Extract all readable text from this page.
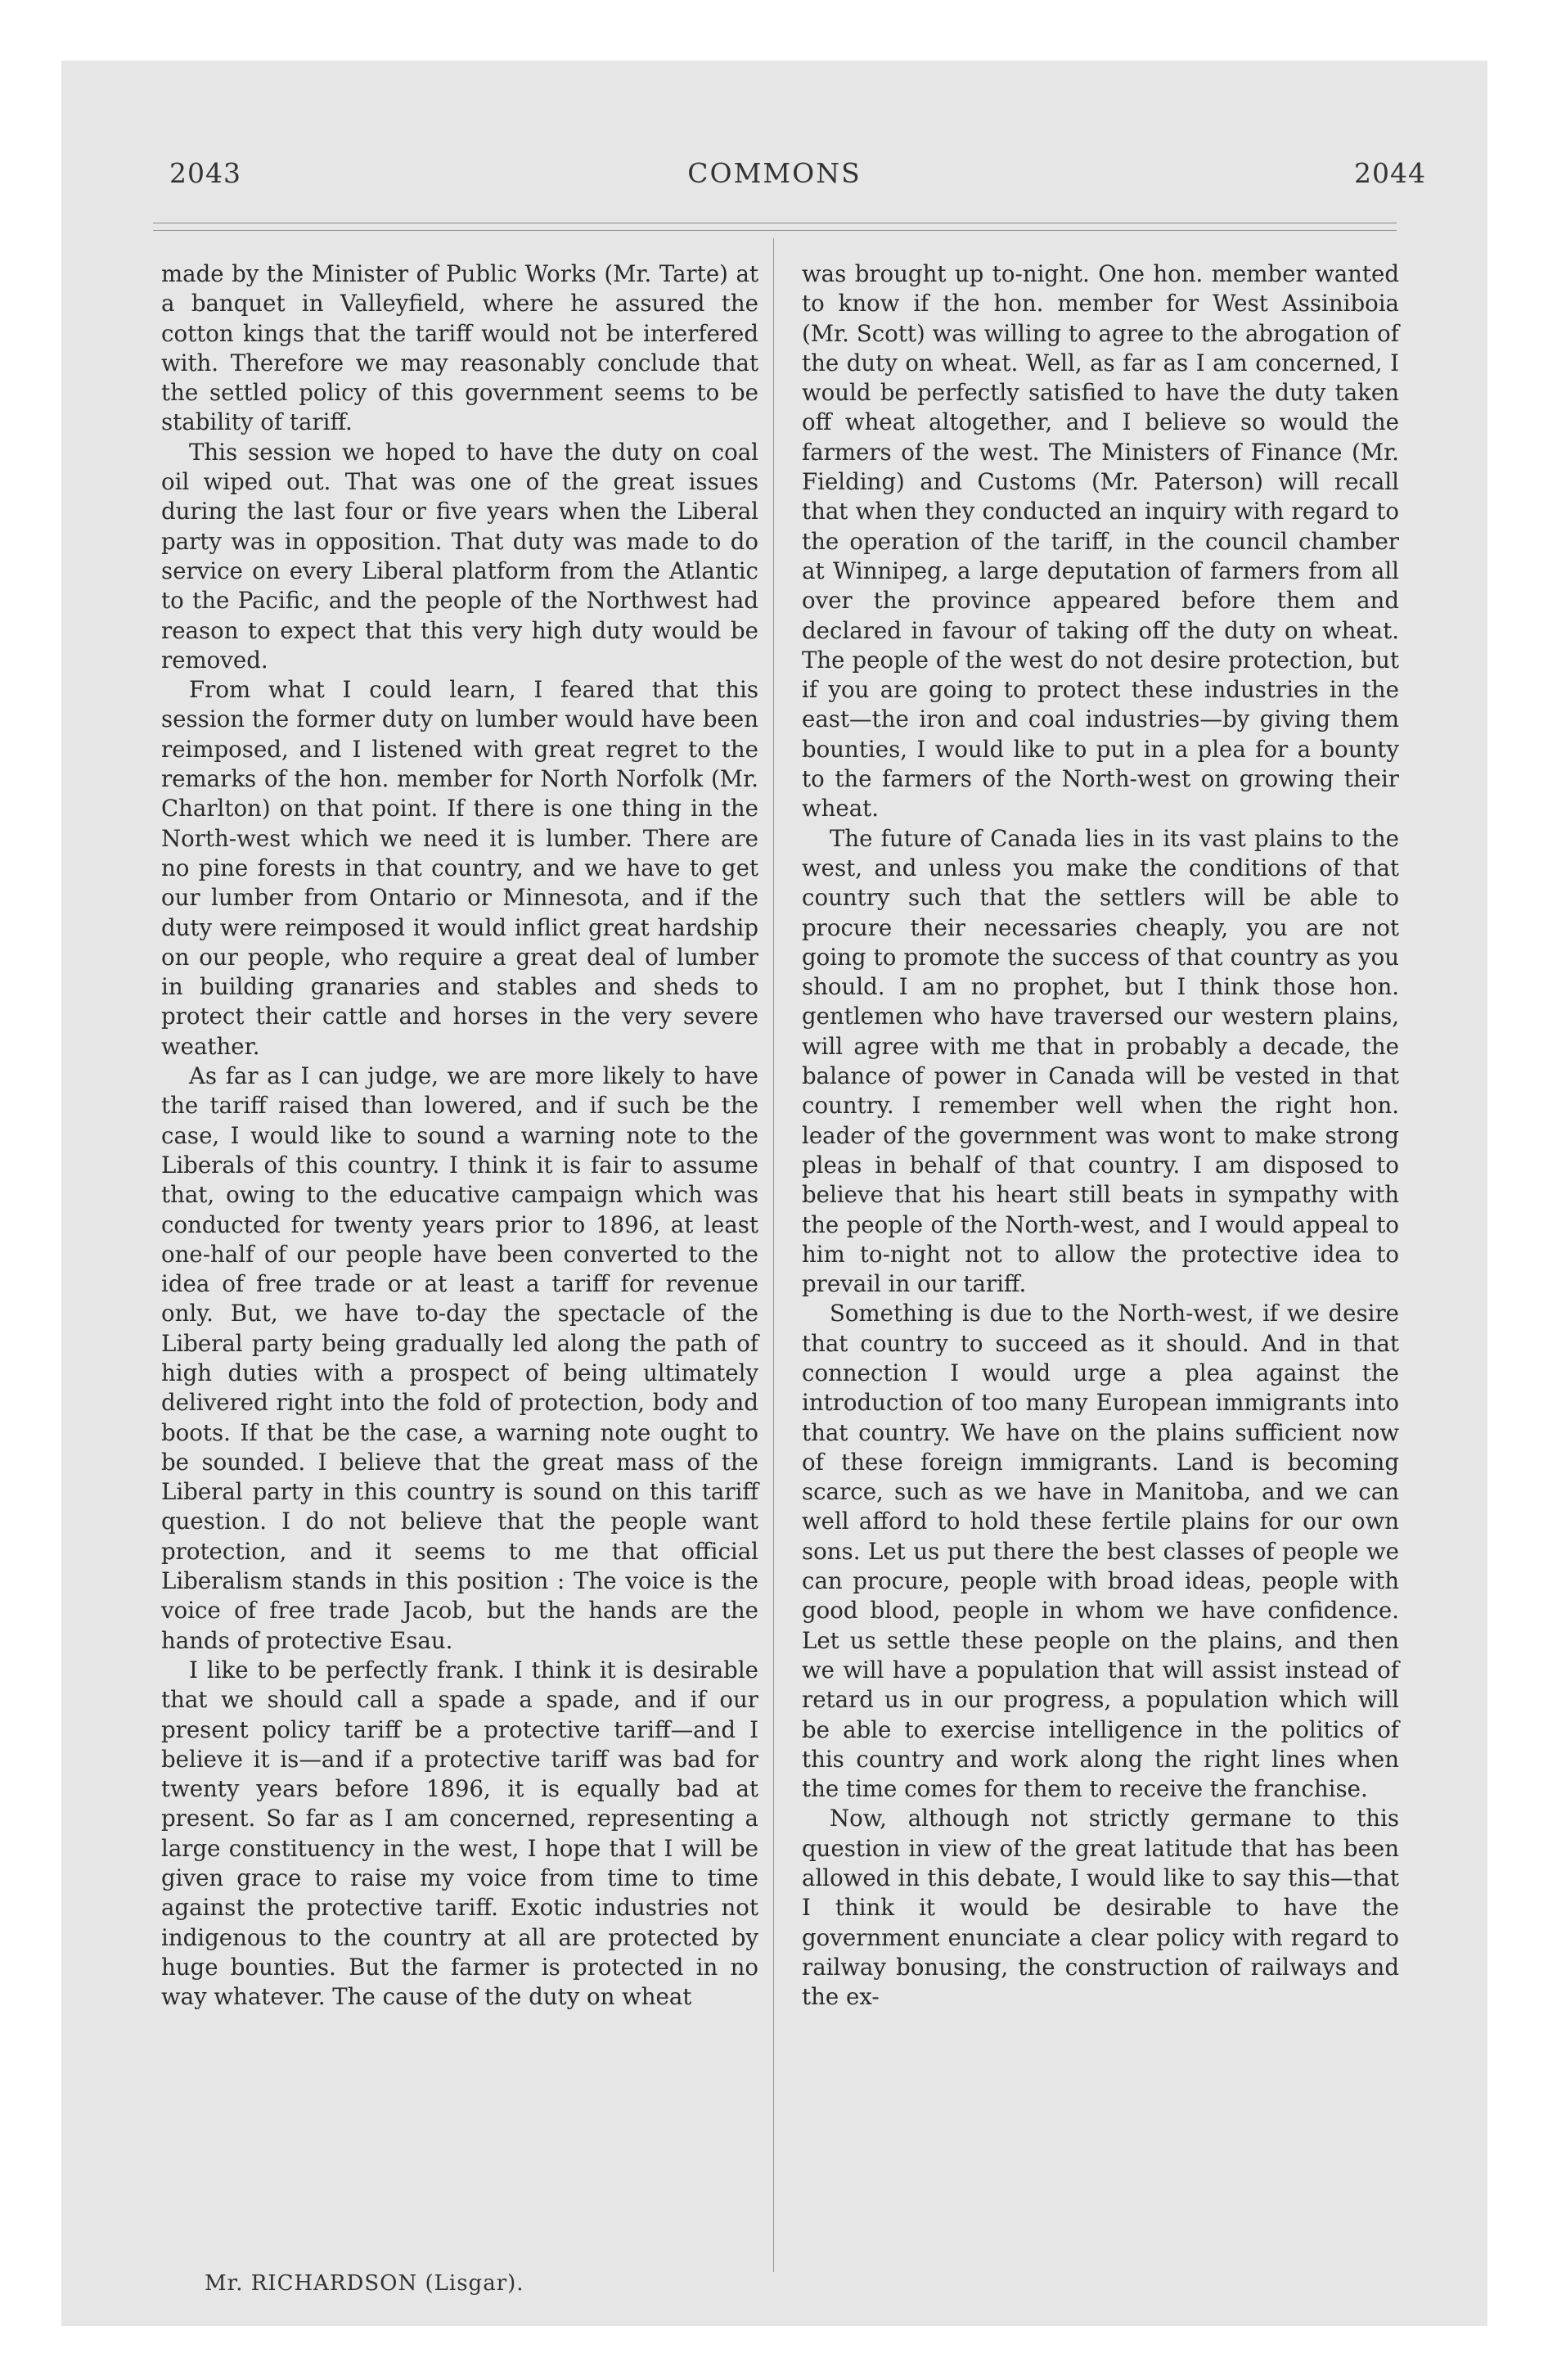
2043	COMMONS	2044

made by the Minister of Public Works (Mr. Tarte) at a banquet in Valleyfield, where he assured the cotton kings that the tariff would not be interfered with. Therefore we may reasonably conclude that the settled policy of this government seems to be stability of tariff.

This session we hoped to have the duty on coal oil wiped out. That was one of the great issues during the last four or five years when the Liberal party was in opposition. That duty was made to do service on every Liberal platform from the Atlantic to the Pacific, and the people of the Northwest had reason to expect that this very high duty would be removed.

From what I could learn, I feared that this session the former duty on lumber would have been reimposed, and I listened with great regret to the remarks of the hon. member for North Norfolk (Mr. Charlton) on that point. If there is one thing in the North-west which we need it is lumber. There are no pine forests in that country, and we have to get our lumber from Ontario or Minnesota, and if the duty were reimposed it would inflict great hardship on our people, who require a great deal of lumber in building granaries and stables and sheds to protect their cattle and horses in the very severe weather.

As far as I can judge, we are more likely to have the tariff raised than lowered, and if such be the case, I would like to sound a warning note to the Liberals of this country. I think it is fair to assume that, owing to the educative campaign which was conducted for twenty years prior to 1896, at least one-half of our people have been converted to the idea of free trade or at least a tariff for revenue only. But, we have to-day the spectacle of the Liberal party being gradually led along the path of high duties with a prospect of being ultimately delivered right into the fold of protection, body and boots. If that be the case, a warning note ought to be sounded. I believe that the great mass of the Liberal party in this country is sound on this tariff question. I do not believe that the people want protection, and it seems to me that official Liberalism stands in this position : The voice is the voice of free trade Jacob, but the hands are the hands of protective Esau.

I like to be perfectly frank. I think it is desirable that we should call a spade a spade, and if our present policy tariff be a protective tariff—and I believe it is—and if a protective tariff was bad for twenty years before 1896, it is equally bad at present. So far as I am concerned, representing a large constituency in the west, I hope that I will be given grace to raise my voice from time to time against the protective tariff. Exotic industries not indigenous to the country at all are protected by huge bounties. But the farmer is protected in no way whatever. The cause of the duty on wheat

was brought up to-night. One hon. member wanted to know if the hon. member for West Assiniboia (Mr. Scott) was willing to agree to the abrogation of the duty on wheat. Well, as far as I am concerned, I would be perfectly satisfied to have the duty taken off wheat altogether, and I believe so would the farmers of the west. The Ministers of Finance (Mr. Fielding) and Customs (Mr. Paterson) will recall that when they conducted an inquiry with regard to the operation of the tariff, in the council chamber at Winnipeg, a large deputation of farmers from all over the province appeared before them and declared in favour of taking off the duty on wheat. The people of the west do not desire protection, but if you are going to protect these industries in the east—the iron and coal industries—by giving them bounties, I would like to put in a plea for a bounty to the farmers of the North-west on growing their wheat.

The future of Canada lies in its vast plains to the west, and unless you make the conditions of that country such that the settlers will be able to procure their necessaries cheaply, you are not going to promote the success of that country as you should. I am no prophet, but I think those hon. gentlemen who have traversed our western plains, will agree with me that in probably a decade, the balance of power in Canada will be vested in that country. I remember well when the right hon. leader of the government was wont to make strong pleas in behalf of that country. I am disposed to believe that his heart still beats in sympathy with the people of the North-west, and I would appeal to him to-night not to allow the protective idea to prevail in our tariff.

Something is due to the North-west, if we desire that country to succeed as it should. And in that connection I would urge a plea against the introduction of too many European immigrants into that country. We have on the plains sufficient now of these foreign immigrants. Land is becoming scarce, such as we have in Manitoba, and we can well afford to hold these fertile plains for our own sons. Let us put there the best classes of people we can procure, people with broad ideas, people with good blood, people in whom we have confidence. Let us settle these people on the plains, and then we will have a population that will assist instead of retard us in our progress, a population which will be able to exercise intelligence in the politics of this country and work along the right lines when the time comes for them to receive the franchise.

Now, although not strictly germane to this question in view of the great latitude that has been allowed in this debate, I would like to say this—that I think it would be desirable to have the government enunciate a clear policy with regard to railway bonusing, the construction of railways and the ex-

Mr. RICHARDSON (Lisgar).
